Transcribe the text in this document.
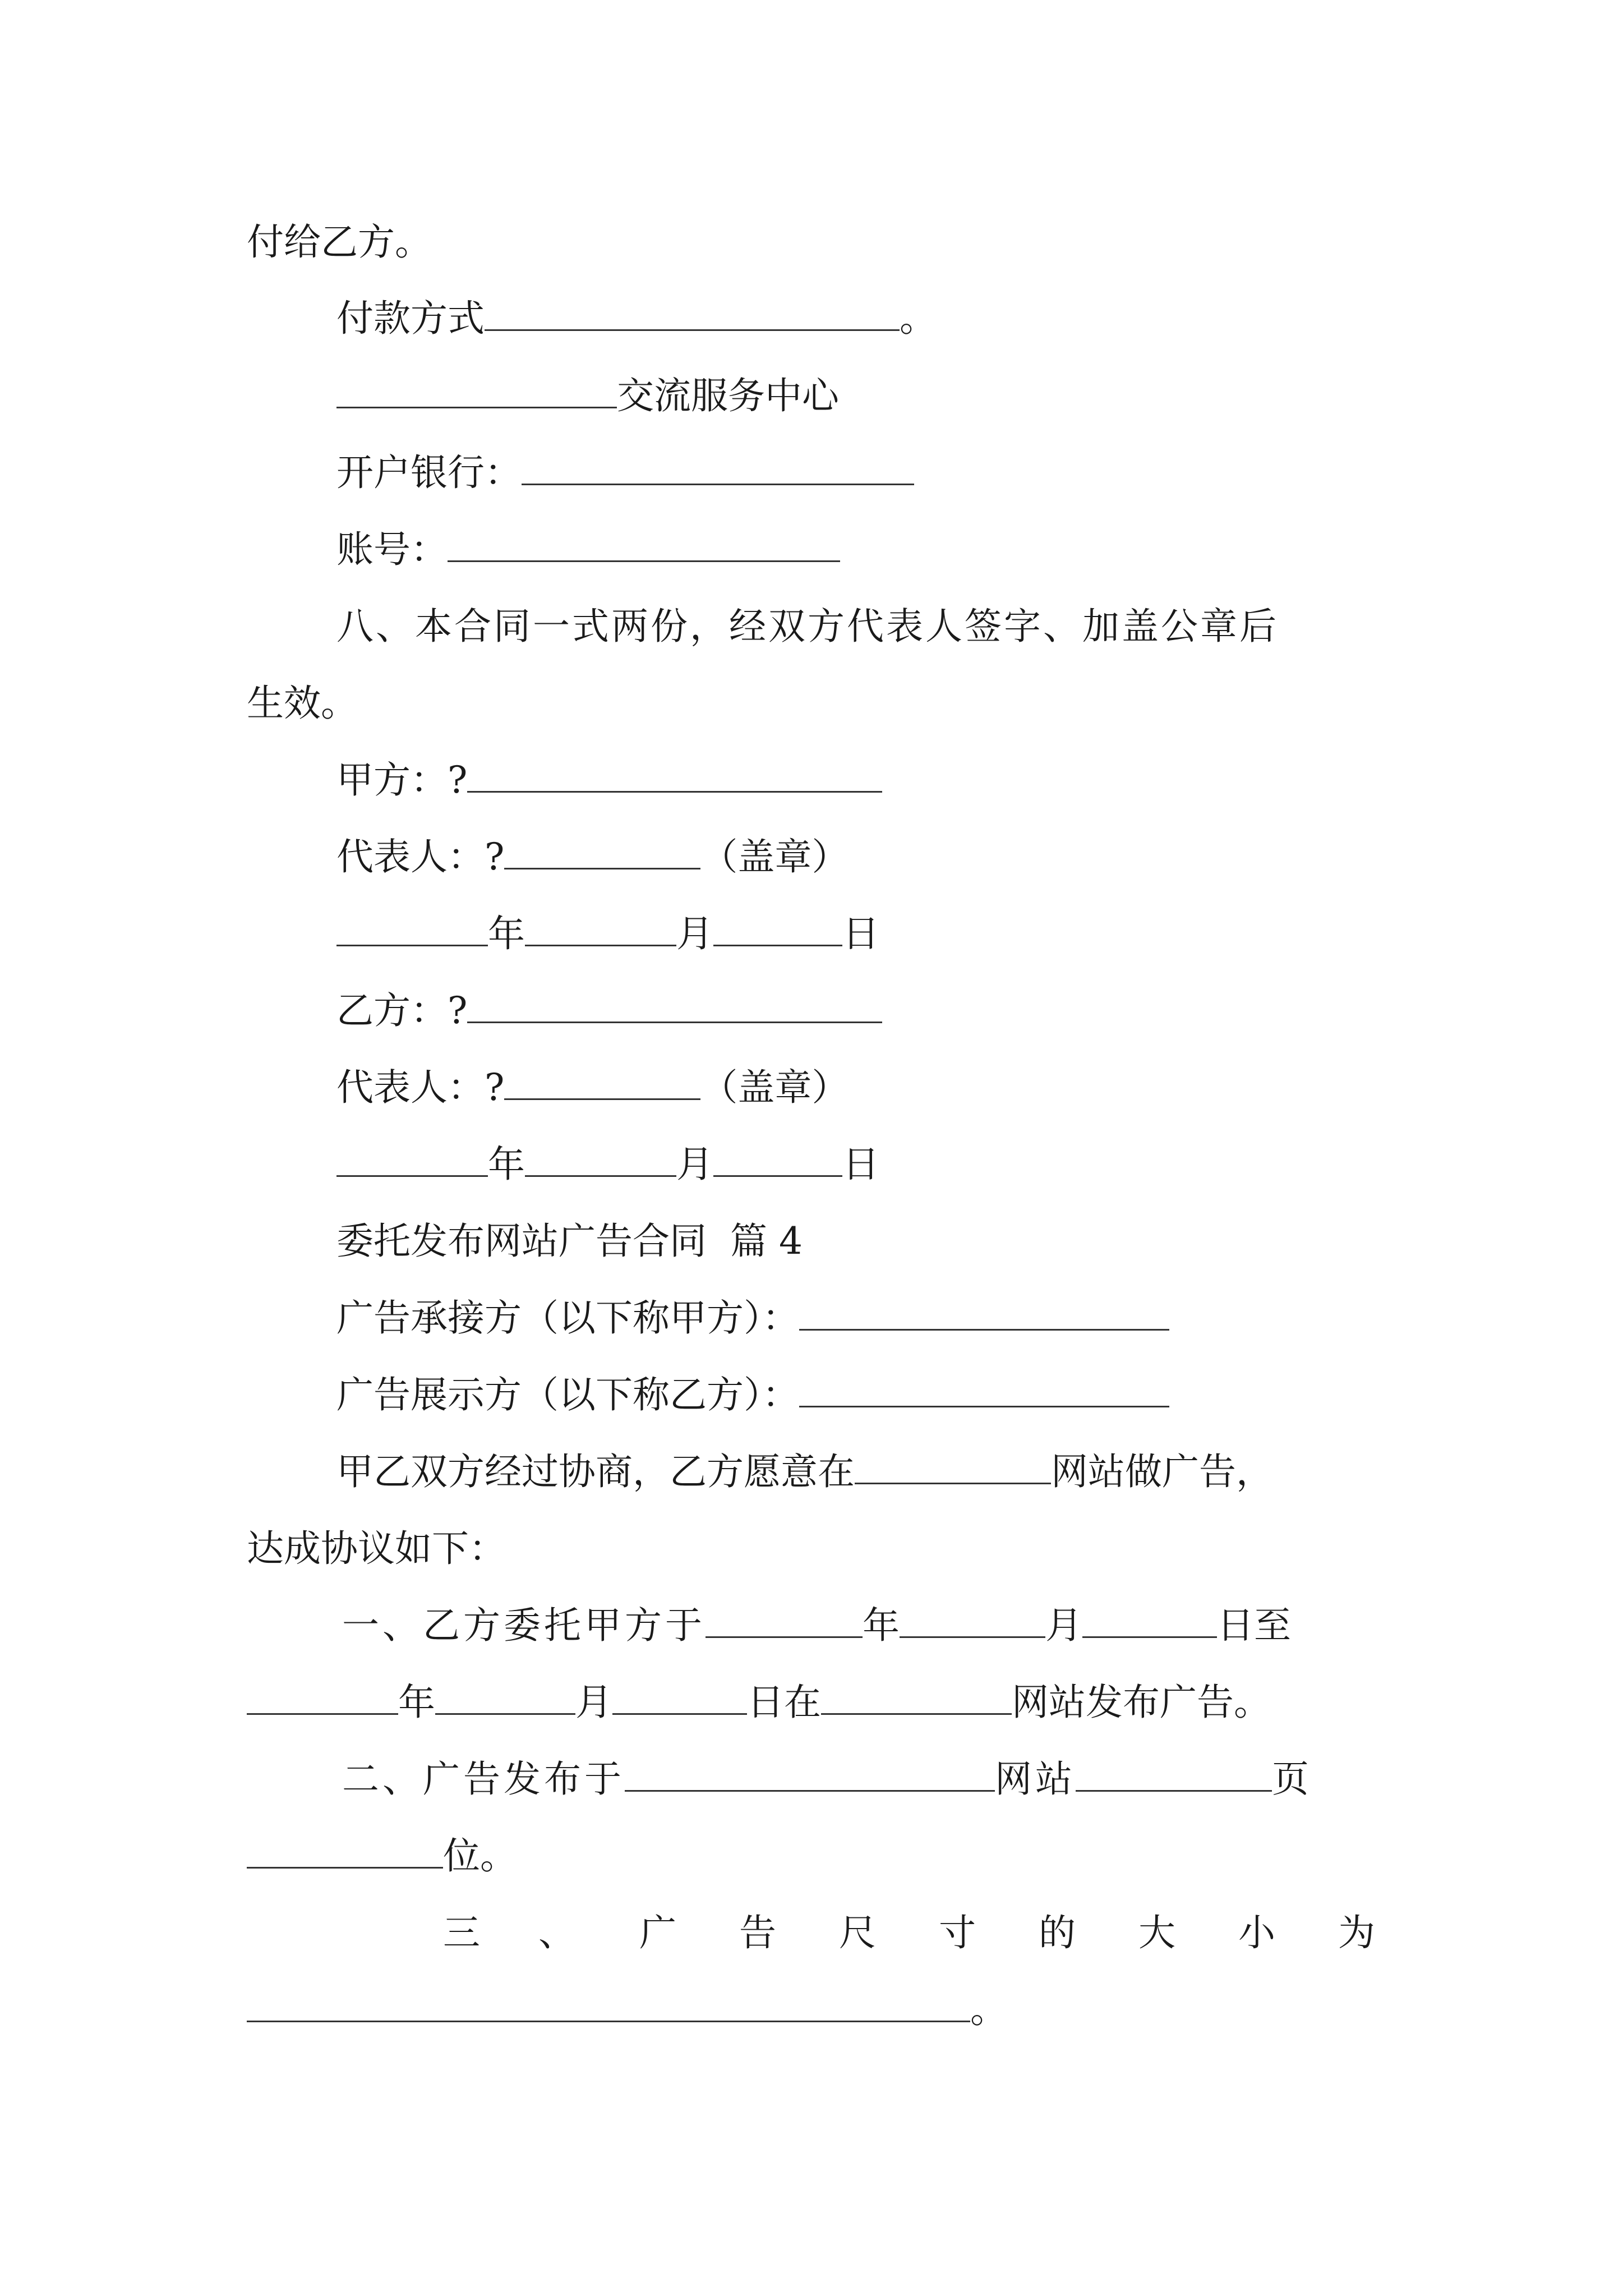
付给乙方。
付款方式	。
交流服务中心
开户银行：
账号：
八、本合同一式两份，经双方代表人签字、加盖公章后
生效。
甲方：?
代表人：?	（盖章）
年	月	日
乙方：?
代表人：?	（盖章）
年	月	日
委托发布网站广告合同  篇 4
广告承接方（以下称甲方）：
广告展示方（以下称乙方）：
甲乙双方经过协商，乙方愿意在	网站做广告，
达成协议如下：
一、乙方委托甲方于	年	月	日至
年	月	日在	网站发布广告。
二、广告发布于	网站	页
位。
三 、 广 告 尺 寸 的 大 小 为
。
